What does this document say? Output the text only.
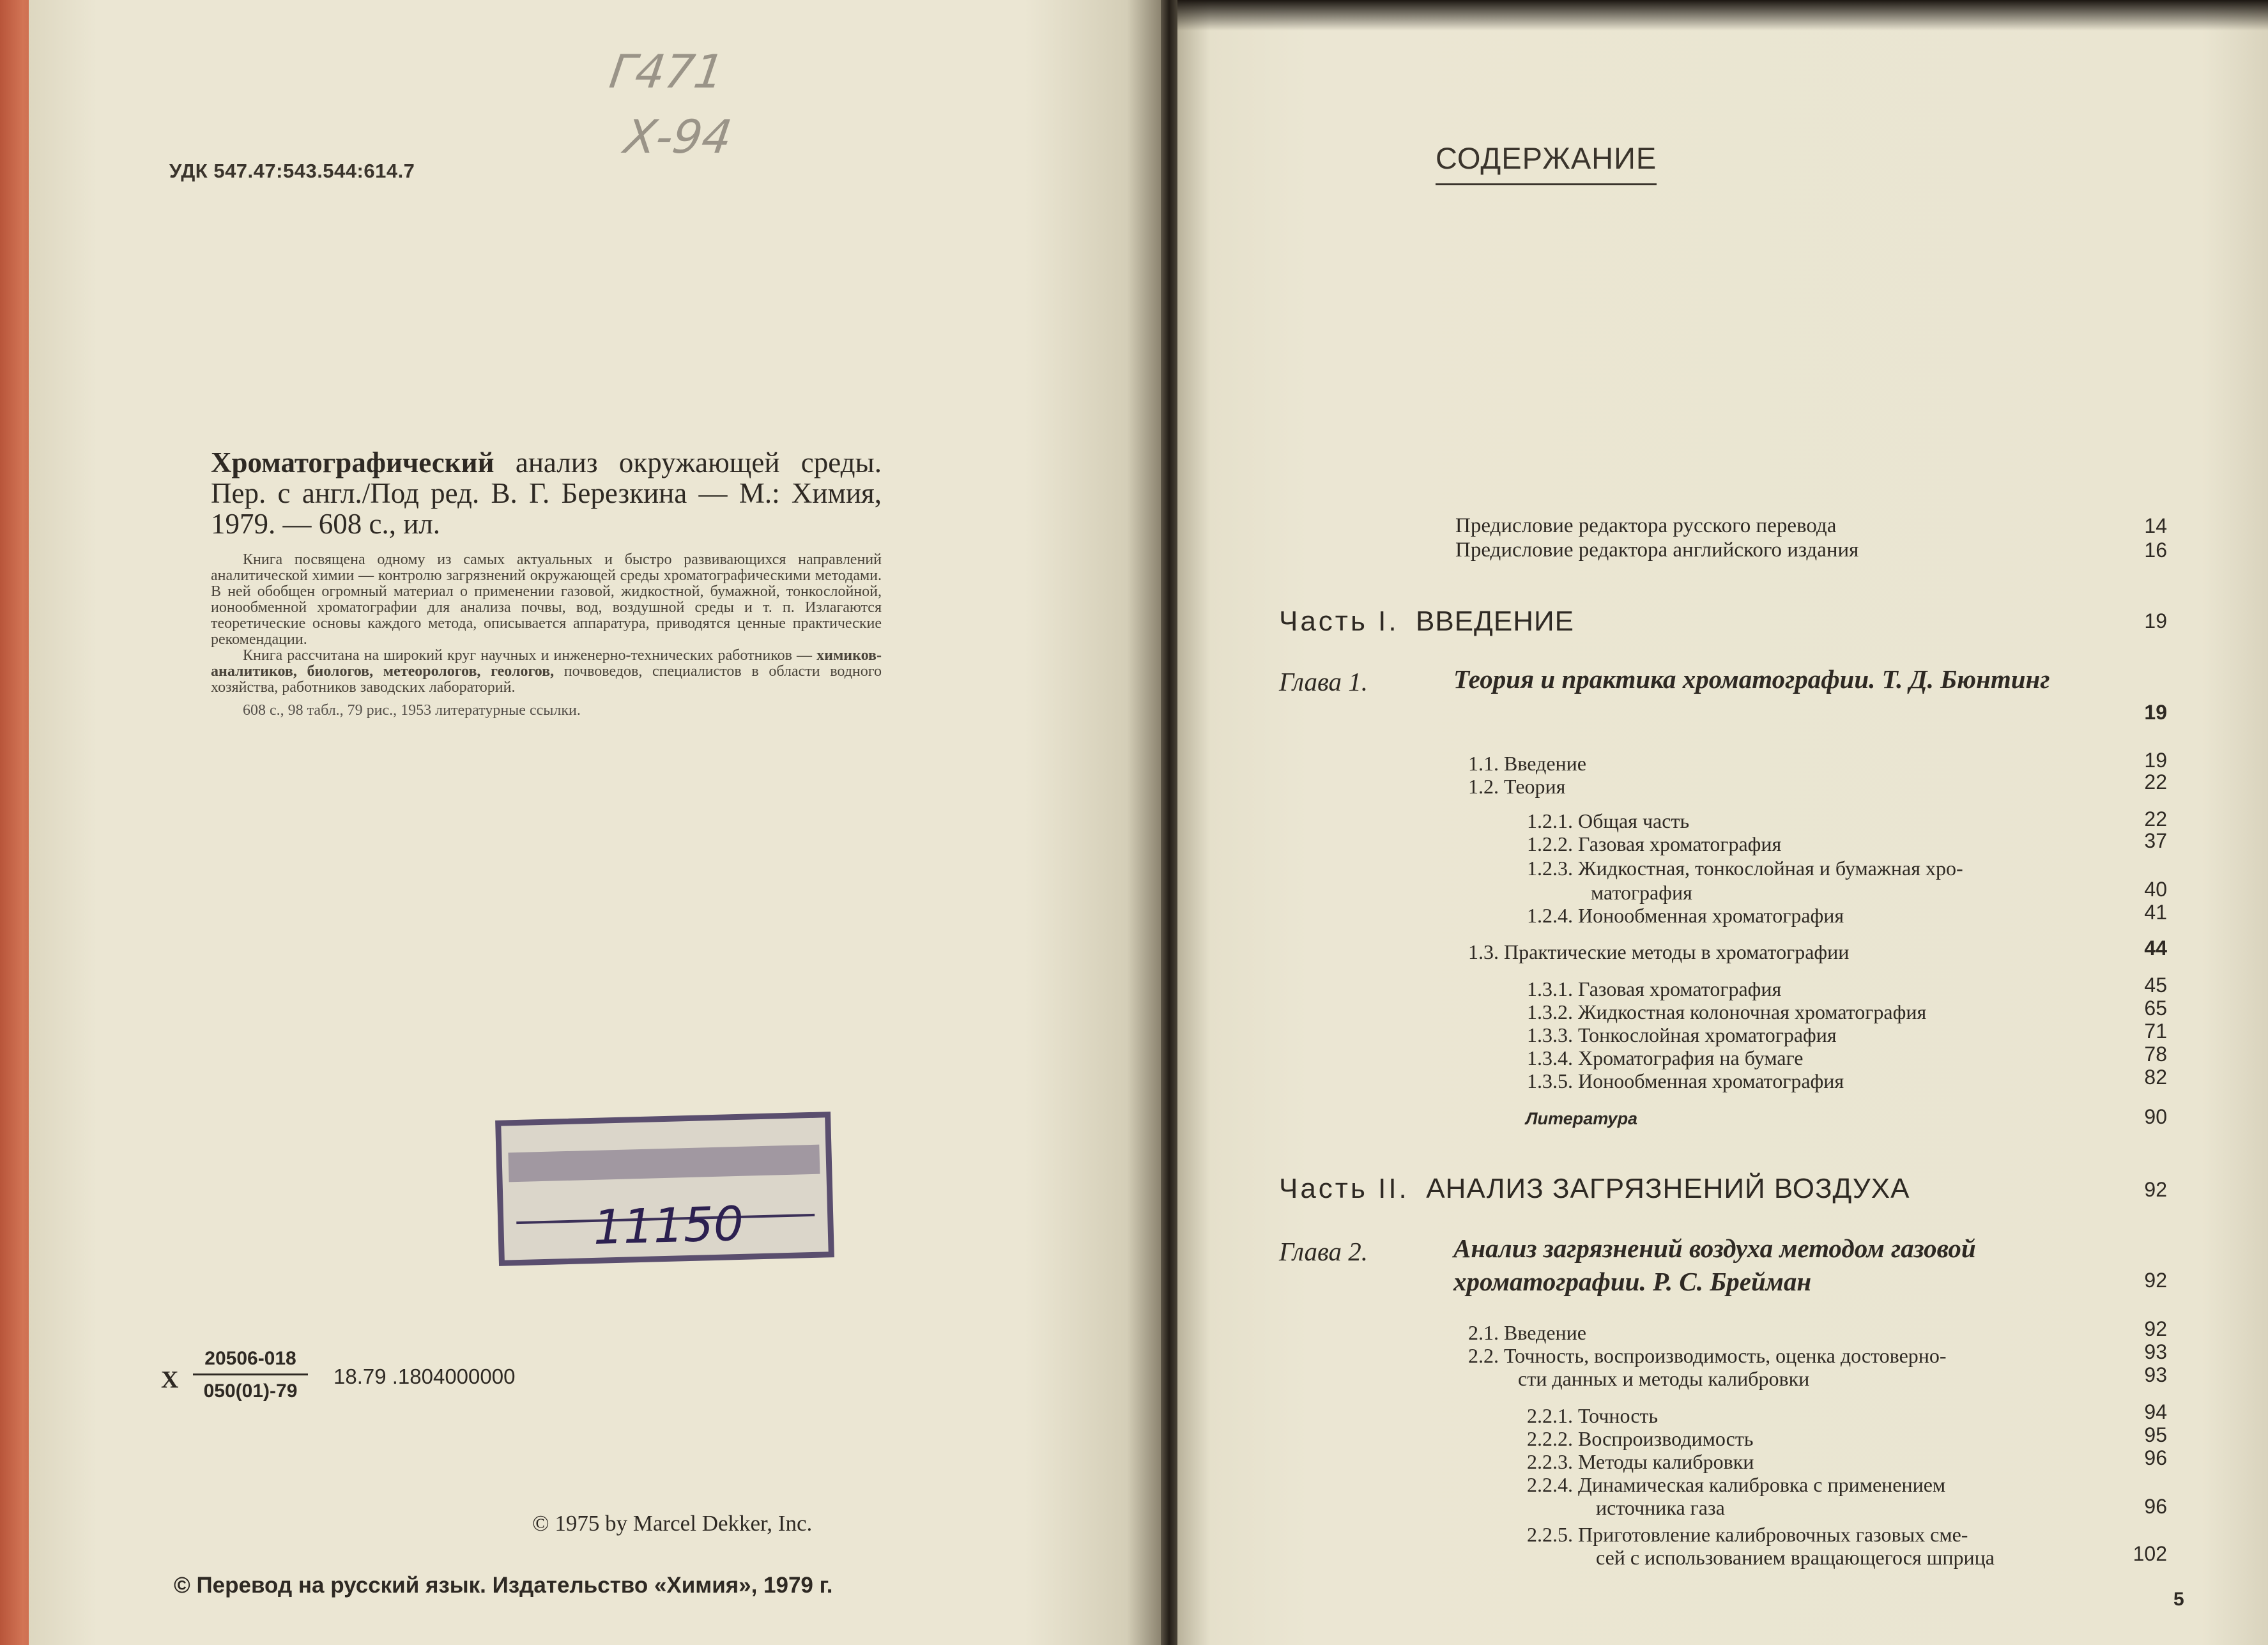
УДК 547.47:543.544:614.7
Г471
Х-94
Хроматографический анализ окружающей среды. Пер. с англ./Под ред. В. Г. Березкина — М.: Химия, 1979. — 608 с., ил.
Книга посвящена одному из самых актуальных и быстро развивающихся направлений аналитической химии — контролю загрязнений окружающей среды хроматографическими методами. В ней обобщен огромный материал о применении газовой, жидкостной, бумажной, тонкослойной, ионообменной хроматографии для анализа почвы, вод, воздушной среды и т. п. Излагаются теоретические основы каждого метода, описывается аппаратура, приводятся ценные практические рекомендации.
Книга рассчитана на широкий круг научных и инженерно-технических работников — химиков-аналитиков, биологов, метеорологов, геологов, почвоведов, специалистов в области водного хозяйства, работников заводских лабораторий.
608 с., 98 табл., 79 рис., 1953 литературные ссылки.
11150
Х $\frac{20506-018}{050(01)-79} 18.79$ .1804000000
© 1975 by Marcel Dekker, Inc.
© Перевод на русский язык. Издательство «Химия», 1979 г.
СОДЕРЖАНИЕ
Предисловие редактора русского перевода	14
Предисловие редактора английского издания	16
Часть I. ВВЕДЕНИЕ	19
Глава 1.	Теория и практика хроматографии. Т. Д. Бюнтинг
19
1.1. Введение	19
1.2. Теория	22
1.2.1. Общая часть	22
1.2.2. Газовая хроматография	37
1.2.3. Жидкостная, тонкослойная и бумажная хро-
матография	40
1.2.4. Ионообменная хроматография	41
1.3. Практические методы в хроматографии	44
1.3.1. Газовая хроматография	45
1.3.2. Жидкостная колоночная хроматография	65
1.3.3. Тонкослойная хроматография	71
1.3.4. Хроматография на бумаге	78
1.3.5. Ионообменная хроматография	82
Литература	90
Часть II. АНАЛИЗ ЗАГРЯЗНЕНИЙ ВОЗДУХА	92
Глава 2.	Анализ загрязнений воздуха методом газовой хроматографии. Р. С. Брейман	92
2.1. Введение	92
2.2. Точность, воспроизводимость, оценка достоверно-	93
сти данных и методы калибровки	93
2.2.1. Точность	94
2.2.2. Воспроизводимость	95
2.2.3. Методы калибровки	96
2.2.4. Динамическая калибровка с применением
источника газа	96
2.2.5. Приготовление калибровочных газовых сме-
сей с использованием вращающегося шприца	102
5
